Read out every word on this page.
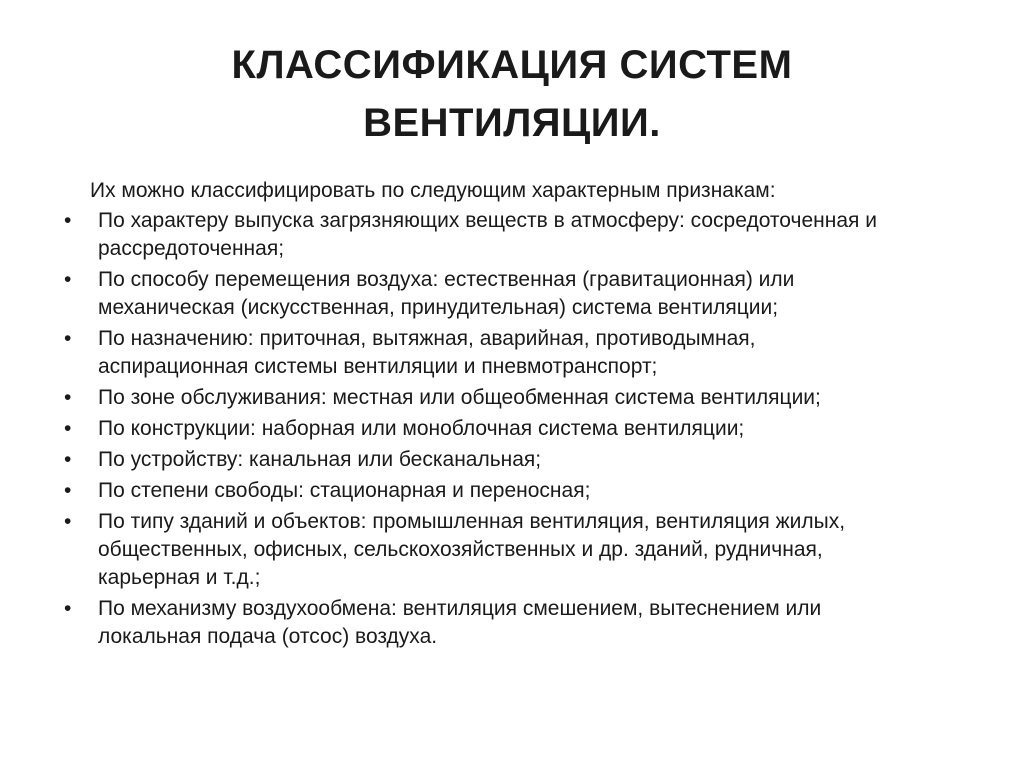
КЛАССИФИКАЦИЯ СИСТЕМ
ВЕНТИЛЯЦИИ.
Их можно классифицировать по следующим характерным признакам:
•	По характеру выпуска загрязняющих веществ в атмосферу: сосредоточенная и
рассредоточенная;
•	По способу перемещения воздуха: естественная (гравитационная) или
механическая (искусственная, принудительная) система вентиляции;
•	По назначению: приточная, вытяжная, аварийная, противодымная,
аспирационная системы вентиляции и пневмотранспорт;
•	По зоне обслуживания: местная или общеобменная система вентиляции;
•	По конструкции: наборная или моноблочная система вентиляции;
•	По устройству: канальная или бесканальная;
•	По степени свободы: стационарная и переносная;
•	По типу зданий и объектов: промышленная вентиляция, вентиляция жилых,
общественных, офисных, сельскохозяйственных и др. зданий, рудничная,
карьерная и т.д.;
•	По механизму воздухообмена: вентиляция смешением, вытеснением или
локальная подача (отсос) воздуха.
